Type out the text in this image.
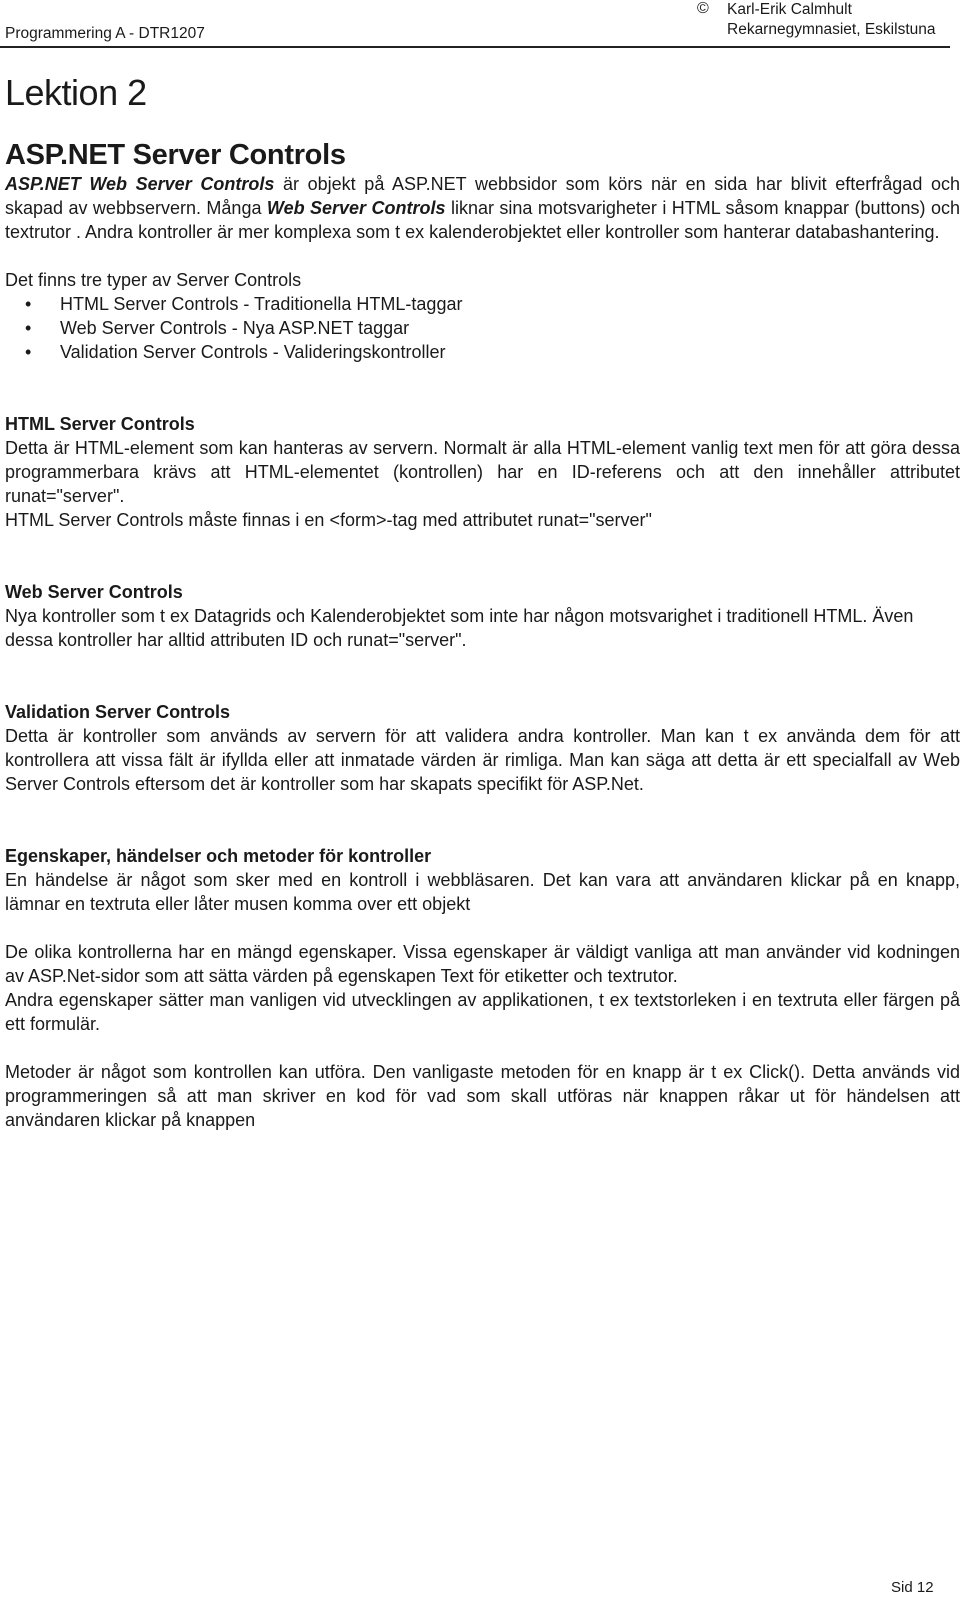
Programmering A - DTR1207
© Karl-Erik Calmhult
Rekarnegymnasiet, Eskilstuna
Lektion 2
ASP.NET Server Controls

ASP.NET Web Server Controls är objekt på ASP.NET webbsidor som körs när en sida har blivit efterfrågad och skapad av webbservern. Många Web Server Controls liknar sina motsvarigheter i HTML såsom knappar (buttons) och textrutor . Andra kontroller är mer komplexa som t ex kalenderobjektet eller kontroller som hanterar databashantering.

Det finns tre typer av Server Controls

• HTML Server Controls - Traditionella HTML-taggar
• Web Server Controls - Nya ASP.NET taggar
• Validation Server Controls - Valideringskontroller
HTML Server Controls

Detta är HTML-element som kan hanteras av servern. Normalt är alla HTML-element vanlig text men för att göra dessa programmerbara krävs att HTML-elementet (kontrollen) har en ID-referens och att den innehåller attributet runat="server".

HTML Server Controls måste finnas i en <form>-tag med attributet runat="server"

Web Server Controls

Nya kontroller som t ex Datagrids och Kalenderobjektet som inte har någon motsvarighet i traditionell HTML. Även dessa kontroller har alltid attributen ID och runat="server".

Validation Server Controls

Detta är kontroller som används av servern för att validera andra kontroller. Man kan t ex använda dem för att kontrollera att vissa fält är ifyllda eller att inmatade värden är rimliga. Man kan säga att detta är ett specialfall av Web Server Controls eftersom det är kontroller som har skapats specifikt för ASP.Net.

Egenskaper, händelser och metoder för kontroller

En händelse är något som sker med en kontroll i webbläsaren. Det kan vara att användaren klickar på en knapp, lämnar en textruta eller låter musen komma over ett objekt

De olika kontrollerna har en mängd egenskaper. Vissa egenskaper är väldigt vanliga att man använder vid kodningen av ASP.Net-sidor som att sätta värden på egenskapen Text för etiketter och textrutor.

Andra egenskaper sätter man vanligen vid utvecklingen av applikationen, t ex textstorleken i en textruta eller färgen på ett formulär.

Metoder är något som kontrollen kan utföra. Den vanligaste metoden för en knapp är t ex Click(). Detta används vid programmeringen så att man skriver en kod för vad som skall utföras när knappen råkar ut för händelsen att användaren klickar på knappen

Sid 12
